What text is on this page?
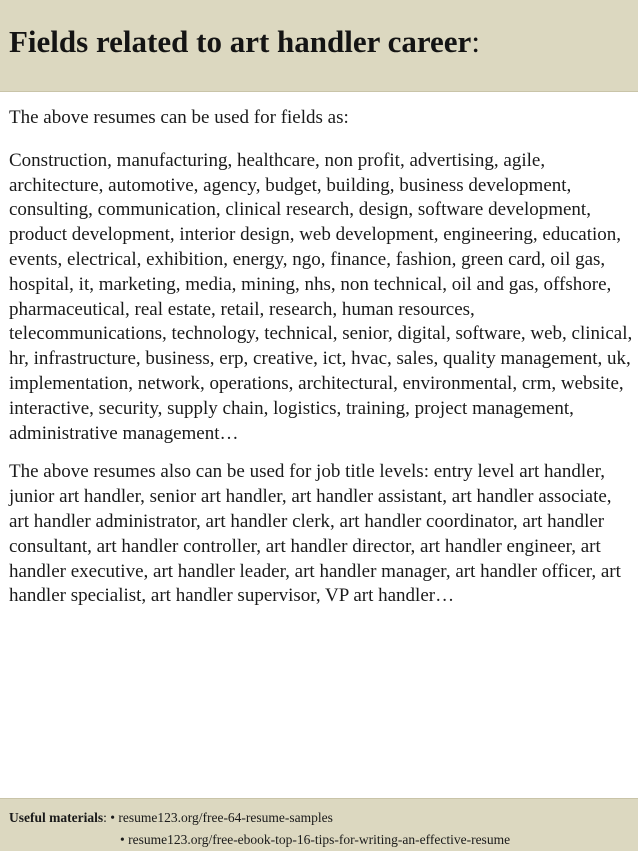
Fields related to art handler career:

The above resumes can be used for fields as:

Construction, manufacturing, healthcare, non profit, advertising, agile, architecture, automotive, agency, budget, building, business development, consulting, communication, clinical research, design, software development, product development, interior design, web development, engineering, education, events, electrical, exhibition, energy, ngo, finance, fashion, green card, oil gas, hospital, it, marketing, media, mining, nhs, non technical, oil and gas, offshore, pharmaceutical, real estate, retail, research, human resources, telecommunications, technology, technical, senior, digital, software, web, clinical, hr, infrastructure, business, erp, creative, ict, hvac, sales, quality management, uk, implementation, network, operations, architectural, environmental, crm, website, interactive, security, supply chain, logistics, training, project management, administrative management…

The above resumes also can be used for job title levels: entry level art handler, junior art handler, senior art handler, art handler assistant, art handler associate, art handler administrator, art handler clerk, art handler coordinator, art handler consultant, art handler controller, art handler director, art handler engineer, art handler executive, art handler leader, art handler manager, art handler officer, art handler specialist, art handler supervisor, VP art handler…

Useful materials: • resume123.org/free-64-resume-samples
• resume123.org/free-ebook-top-16-tips-for-writing-an-effective-resume
